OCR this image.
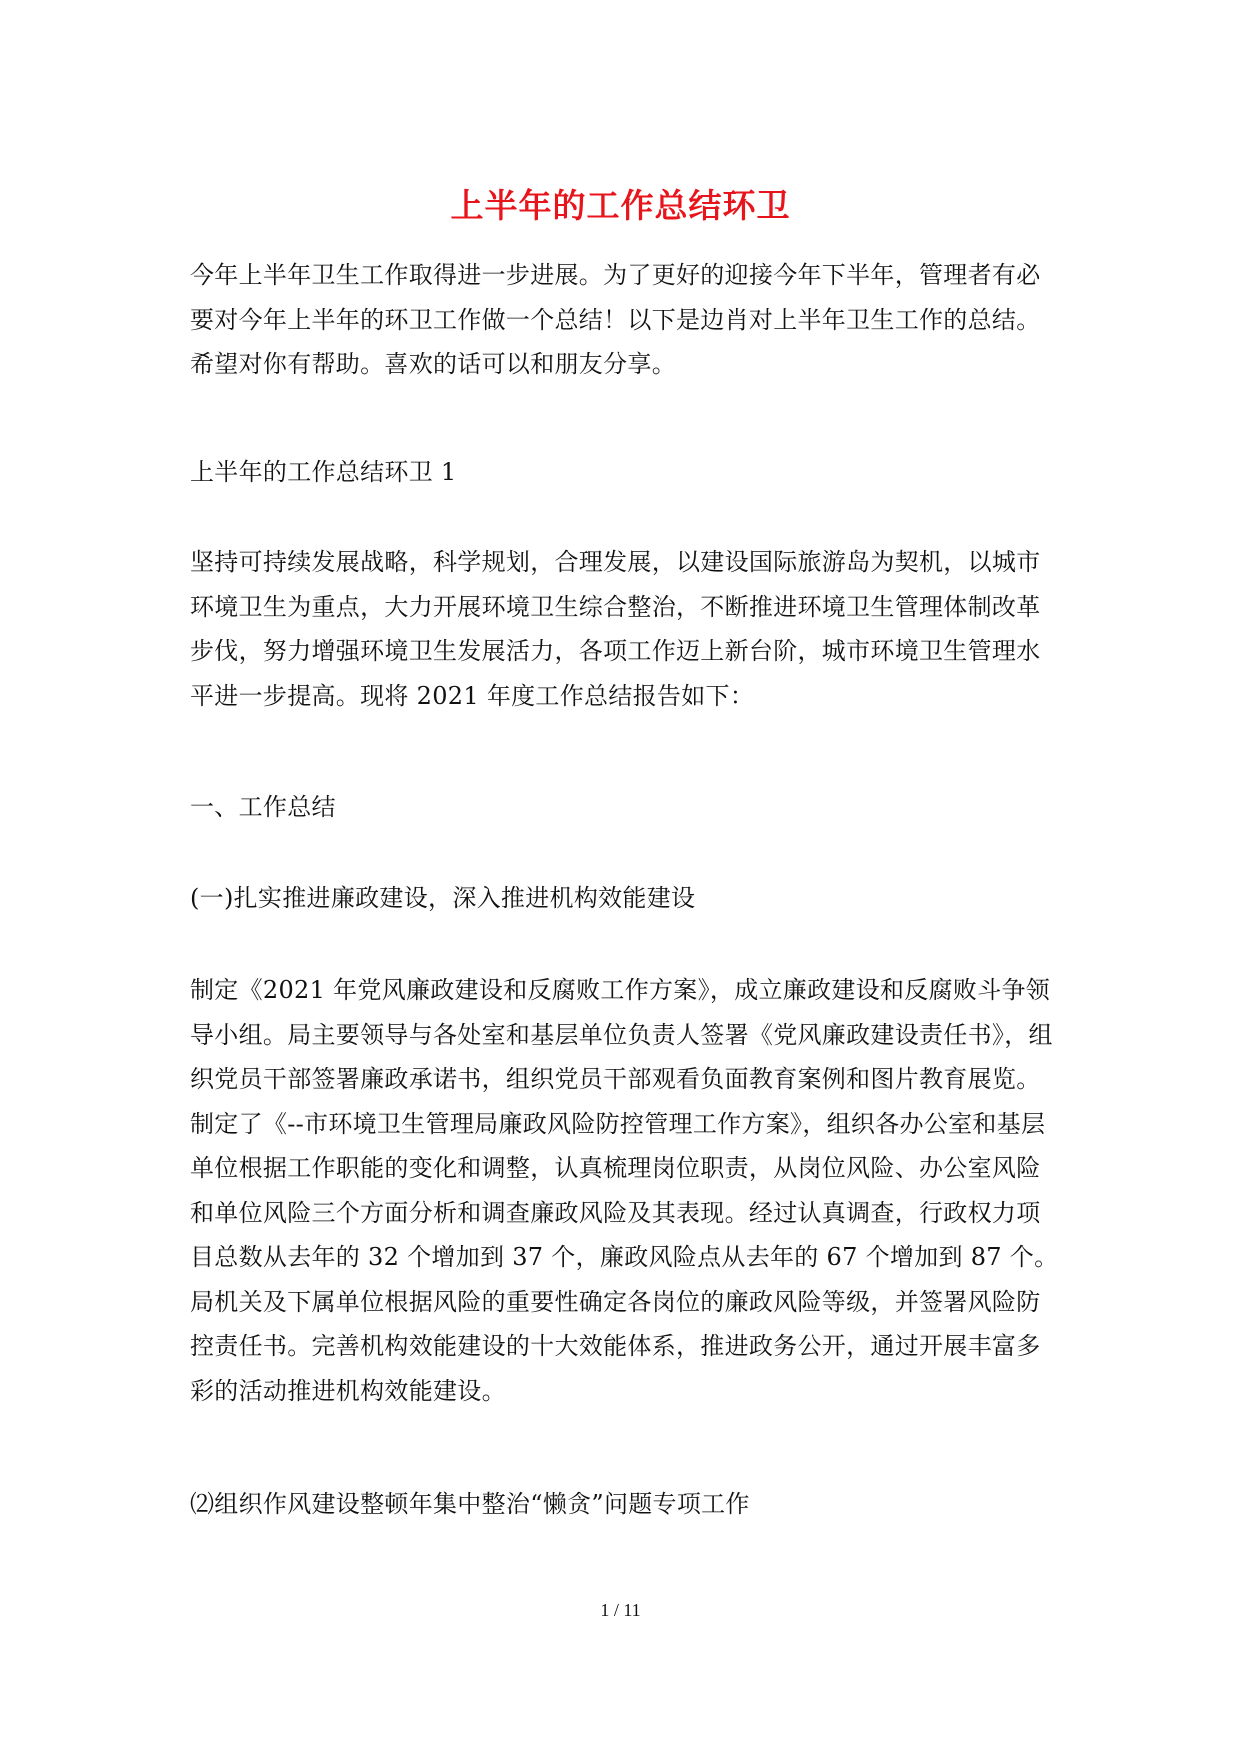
上半年的工作总结环卫

今年上半年卫生工作取得进一步进展。为了更好的迎接今年下半年，管理者有必要对今年上半年的环卫工作做一个总结！以下是边肖对上半年卫生工作的总结。希望对你有帮助。喜欢的话可以和朋友分享。

上半年的工作总结环卫 1

坚持可持续发展战略，科学规划，合理发展，以建设国际旅游岛为契机，以城市环境卫生为重点，大力开展环境卫生综合整治，不断推进环境卫生管理体制改革步伐，努力增强环境卫生发展活力，各项工作迈上新台阶，城市环境卫生管理水平进一步提高。现将 2021 年度工作总结报告如下：

一、工作总结

(一)扎实推进廉政建设，深入推进机构效能建设

制定《2021 年党风廉政建设和反腐败工作方案》，成立廉政建设和反腐败斗争领导小组。局主要领导与各处室和基层单位负责人签署《党风廉政建设责任书》，组织党员干部签署廉政承诺书，组织党员干部观看负面教育案例和图片教育展览。制定了《--市环境卫生管理局廉政风险防控管理工作方案》，组织各办公室和基层单位根据工作职能的变化和调整，认真梳理岗位职责，从岗位风险、办公室风险和单位风险三个方面分析和调查廉政风险及其表现。经过认真调查，行政权力项目总数从去年的 32 个增加到 37 个，廉政风险点从去年的 67 个增加到 87 个。局机关及下属单位根据风险的重要性确定各岗位的廉政风险等级，并签署风险防控责任书。完善机构效能建设的十大效能体系，推进政务公开，通过开展丰富多彩的活动推进机构效能建设。

⑵组织作风建设整顿年集中整治“懒贪”问题专项工作

1 / 11
